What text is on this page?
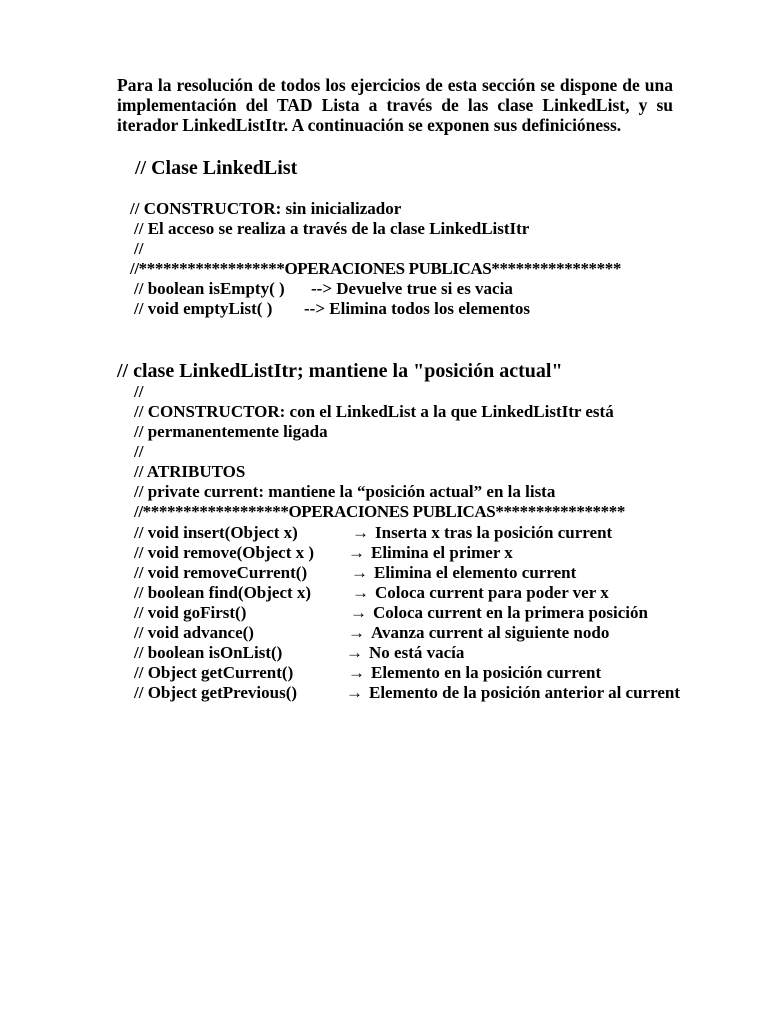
Para la resolución de todos los ejercicios de esta sección se dispone de una implementación del TAD Lista a través de las clase LinkedList, y su iterador LinkedListItr. A continuación se exponen sus definicióness.
// Clase LinkedList
// CONSTRUCTOR: sin inicializador
// El acceso se realiza a través de la clase LinkedListItr
//
//******************OPERACIONES PUBLICAS****************
// boolean isEmpty( ) --> Devuelve true si es vacia
// void emptyList( ) --> Elimina todos los elementos
// clase LinkedListItr; mantiene la "posición actual"
//
// CONSTRUCTOR: con el LinkedList a la que LinkedListItr está
// permanentemente ligada
//
// ATRIBUTOS
// private current: mantiene la “posición actual” en la lista
//******************OPERACIONES PUBLICAS****************
// void insert(Object x)	→ Inserta x tras la posición current
// void remove(Object x ) → Elimina el primer x
// void removeCurrent()	→ Elimina el elemento current
// boolean find(Object x) → Coloca current para poder ver x
// void goFirst()	→ Coloca current en la primera posición
// void advance()	→ Avanza current al siguiente nodo
// boolean isOnList()	→ No está vacía
// Object getCurrent()	→ Elemento en la posición current
// Object getPrevious()	→ Elemento de la posición anterior al current
